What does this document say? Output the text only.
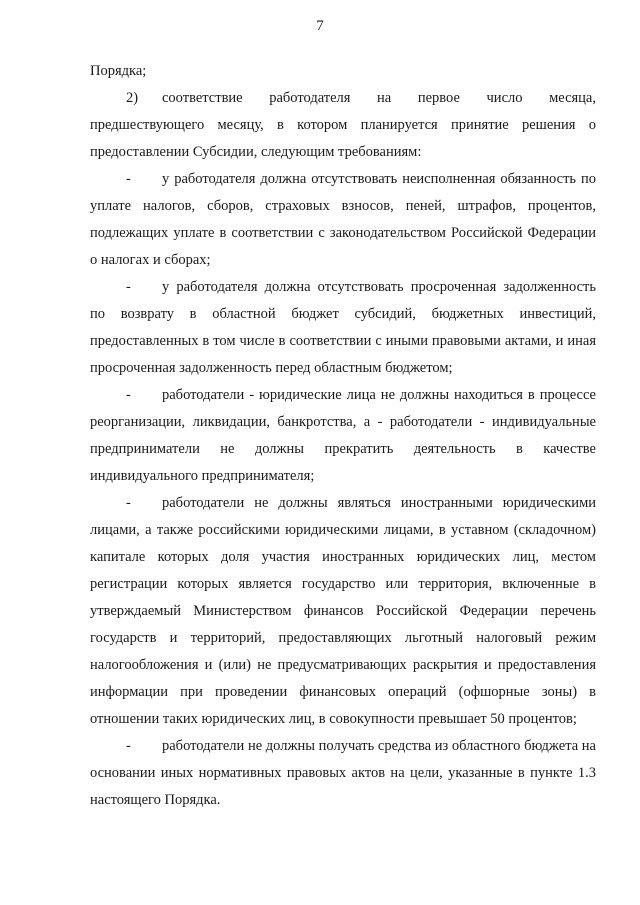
7

Порядка;

2) соответствие работодателя на первое число месяца, предшествующего месяцу, в котором планируется принятие решения о предоставлении Субсидии, следующим требованиям:

- у работодателя должна отсутствовать неисполненная обязанность по уплате налогов, сборов, страховых взносов, пеней, штрафов, процентов, подлежащих уплате в соответствии с законодательством Российской Федерации о налогах и сборах;

- у работодателя должна отсутствовать просроченная задолженность по возврату в областной бюджет субсидий, бюджетных инвестиций, предоставленных в том числе в соответствии с иными правовыми актами, и иная просроченная задолженность перед областным бюджетом;

- работодатели - юридические лица не должны находиться в процессе реорганизации, ликвидации, банкротства, а - работодатели - индивидуальные предприниматели не должны прекратить деятельность в качестве индивидуального предпринимателя;

- работодатели не должны являться иностранными юридическими лицами, а также российскими юридическими лицами, в уставном (складочном) капитале которых доля участия иностранных юридических лиц, местом регистрации которых является государство или территория, включенные в утверждаемый Министерством финансов Российской Федерации перечень государств и территорий, предоставляющих льготный налоговый режим налогообложения и (или) не предусматривающих раскрытия и предоставления информации при проведении финансовых операций (офшорные зоны) в отношении таких юридических лиц, в совокупности превышает 50 процентов;

- работодатели не должны получать средства из областного бюджета на основании иных нормативных правовых актов на цели, указанные в пункте 1.3 настоящего Порядка.
